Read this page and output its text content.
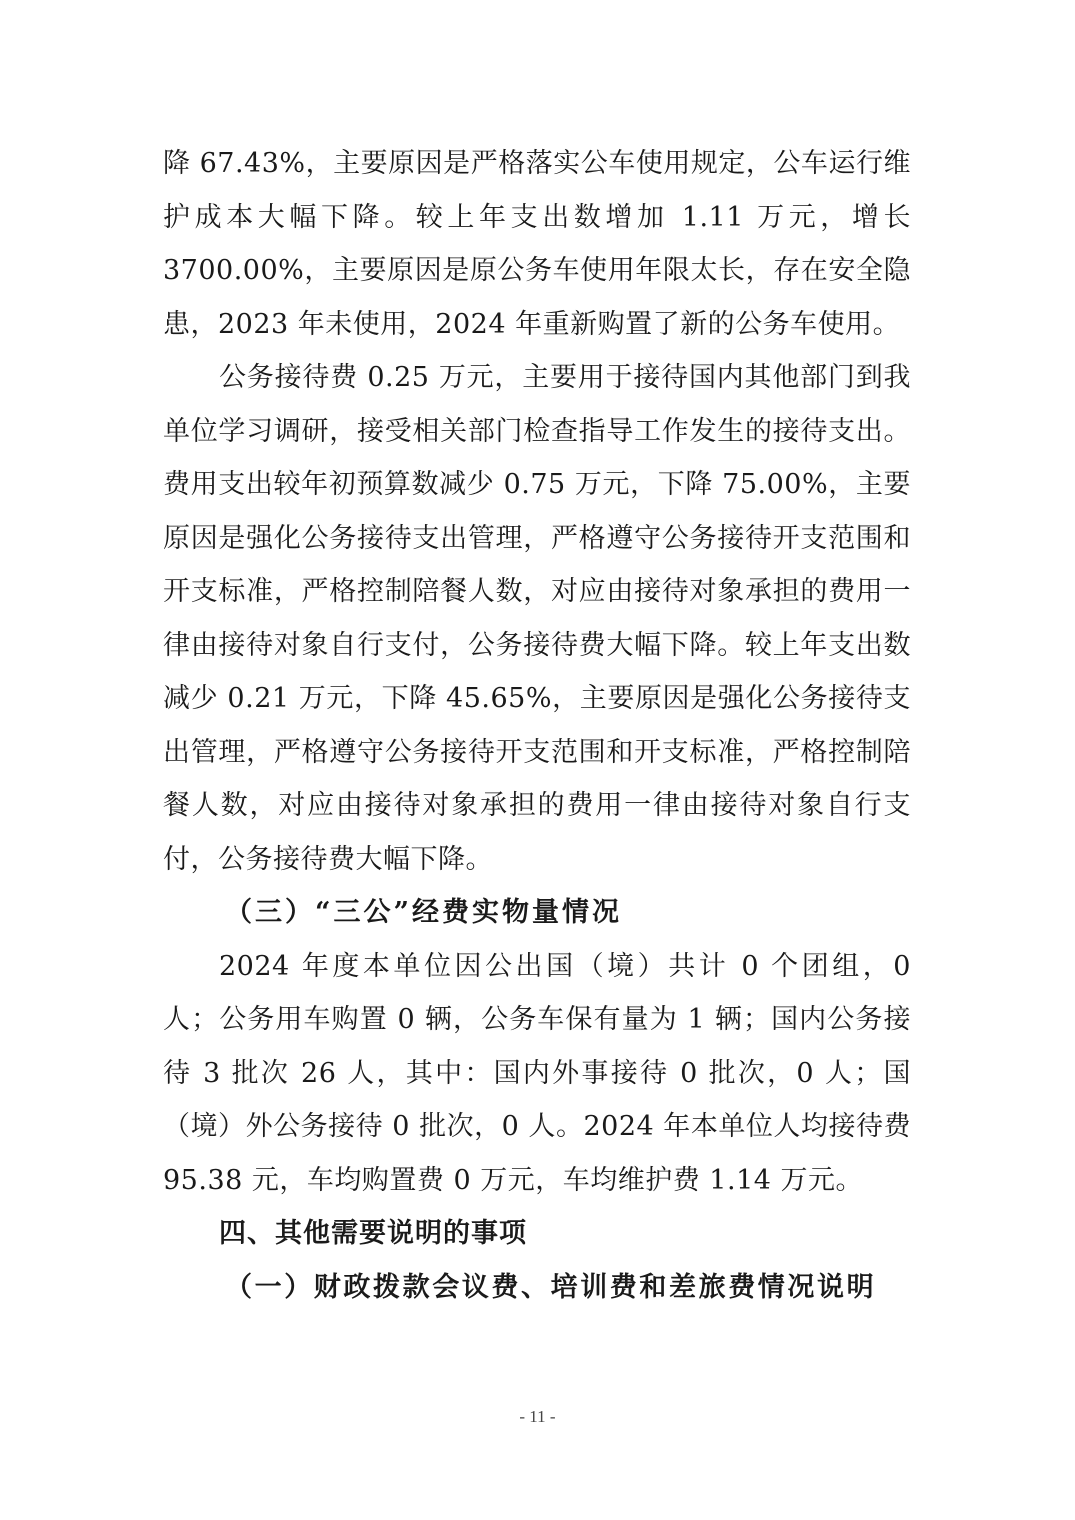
降 67.43%，主要原因是严格落实公车使用规定，公车运行维护成本大幅下降。较上年支出数增加 1.11 万元，增长 3700.00%，主要原因是原公务车使用年限太长，存在安全隐患，2023 年未使用，2024 年重新购置了新的公务车使用。

公务接待费 0.25 万元，主要用于接待国内其他部门到我单位学习调研，接受相关部门检查指导工作发生的接待支出。费用支出较年初预算数减少 0.75 万元，下降 75.00%，主要原因是强化公务接待支出管理，严格遵守公务接待开支范围和开支标准，严格控制陪餐人数，对应由接待对象承担的费用一律由接待对象自行支付，公务接待费大幅下降。较上年支出数减少 0.21 万元，下降 45.65%，主要原因是强化公务接待支出管理，严格遵守公务接待开支范围和开支标准，严格控制陪餐人数，对应由接待对象承担的费用一律由接待对象自行支付，公务接待费大幅下降。

（三）“三公”经费实物量情况

2024 年度本单位因公出国（境）共计 0 个团组，0 人；公务用车购置 0 辆，公务车保有量为 1 辆；国内公务接待 3 批次 26 人，其中：国内外事接待 0 批次，0 人；国（境）外公务接待 0 批次，0 人。2024 年本单位人均接待费 95.38 元，车均购置费 0 万元，车均维护费 1.14 万元。

四、其他需要说明的事项

（一）财政拨款会议费、培训费和差旅费情况说明

- 11 -
